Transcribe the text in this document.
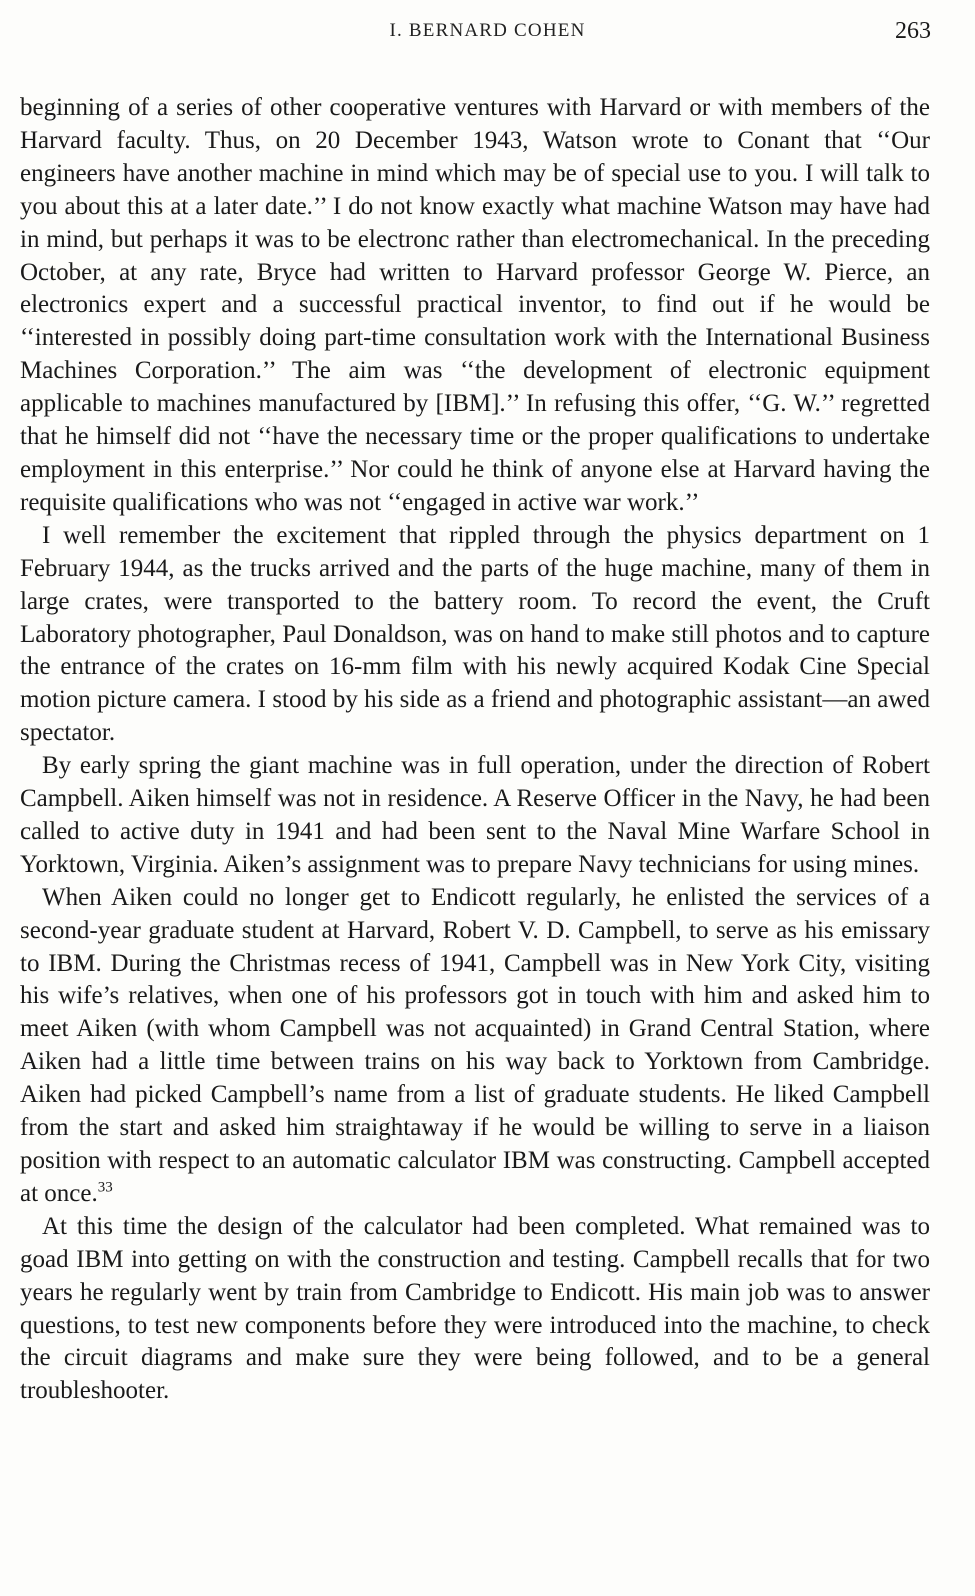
I. BERNARD COHEN	263

beginning of a series of other cooperative ventures with Harvard or with members of the Harvard faculty. Thus, on 20 December 1943, Watson wrote to Conant that ‘‘Our engineers have another machine in mind which may be of special use to you. I will talk to you about this at a later date.’’ I do not know exactly what machine Watson may have had in mind, but perhaps it was to be electronc rather than electromechanical. In the preceding October, at any rate, Bryce had written to Harvard professor George W. Pierce, an electronics expert and a successful practical inventor, to find out if he would be ‘‘interested in possibly doing part-time consultation work with the International Business Machines Corporation.’’ The aim was ‘‘the development of electronic equipment applicable to machines manufactured by [IBM].’’ In refusing this offer, ‘‘G. W.’’ regretted that he himself did not ‘‘have the necessary time or the proper qualifications to undertake employment in this enterprise.’’ Nor could he think of anyone else at Harvard having the requisite qualifications who was not ‘‘engaged in active war work.’’

I well remember the excitement that rippled through the physics department on 1 February 1944, as the trucks arrived and the parts of the huge machine, many of them in large crates, were transported to the battery room. To record the event, the Cruft Laboratory photographer, Paul Donaldson, was on hand to make still photos and to capture the entrance of the crates on 16-mm film with his newly acquired Kodak Cine Special motion picture camera. I stood by his side as a friend and photographic assistant—an awed spectator.

By early spring the giant machine was in full operation, under the direction of Robert Campbell. Aiken himself was not in residence. A Reserve Officer in the Navy, he had been called to active duty in 1941 and had been sent to the Naval Mine Warfare School in Yorktown, Virginia. Aiken’s assignment was to prepare Navy technicians for using mines.

When Aiken could no longer get to Endicott regularly, he enlisted the services of a second-year graduate student at Harvard, Robert V. D. Campbell, to serve as his emissary to IBM. During the Christmas recess of 1941, Campbell was in New York City, visiting his wife’s relatives, when one of his professors got in touch with him and asked him to meet Aiken (with whom Campbell was not acquainted) in Grand Central Station, where Aiken had a little time between trains on his way back to Yorktown from Cambridge. Aiken had picked Campbell’s name from a list of graduate students. He liked Campbell from the start and asked him straightaway if he would be willing to serve in a liaison position with respect to an automatic calculator IBM was constructing. Campbell accepted at once.$^{33}$

At this time the design of the calculator had been completed. What remained was to goad IBM into getting on with the construction and testing. Campbell recalls that for two years he regularly went by train from Cambridge to Endicott. His main job was to answer questions, to test new components before they were introduced into the machine, to check the circuit diagrams and make sure they were being followed, and to be a general troubleshooter.
